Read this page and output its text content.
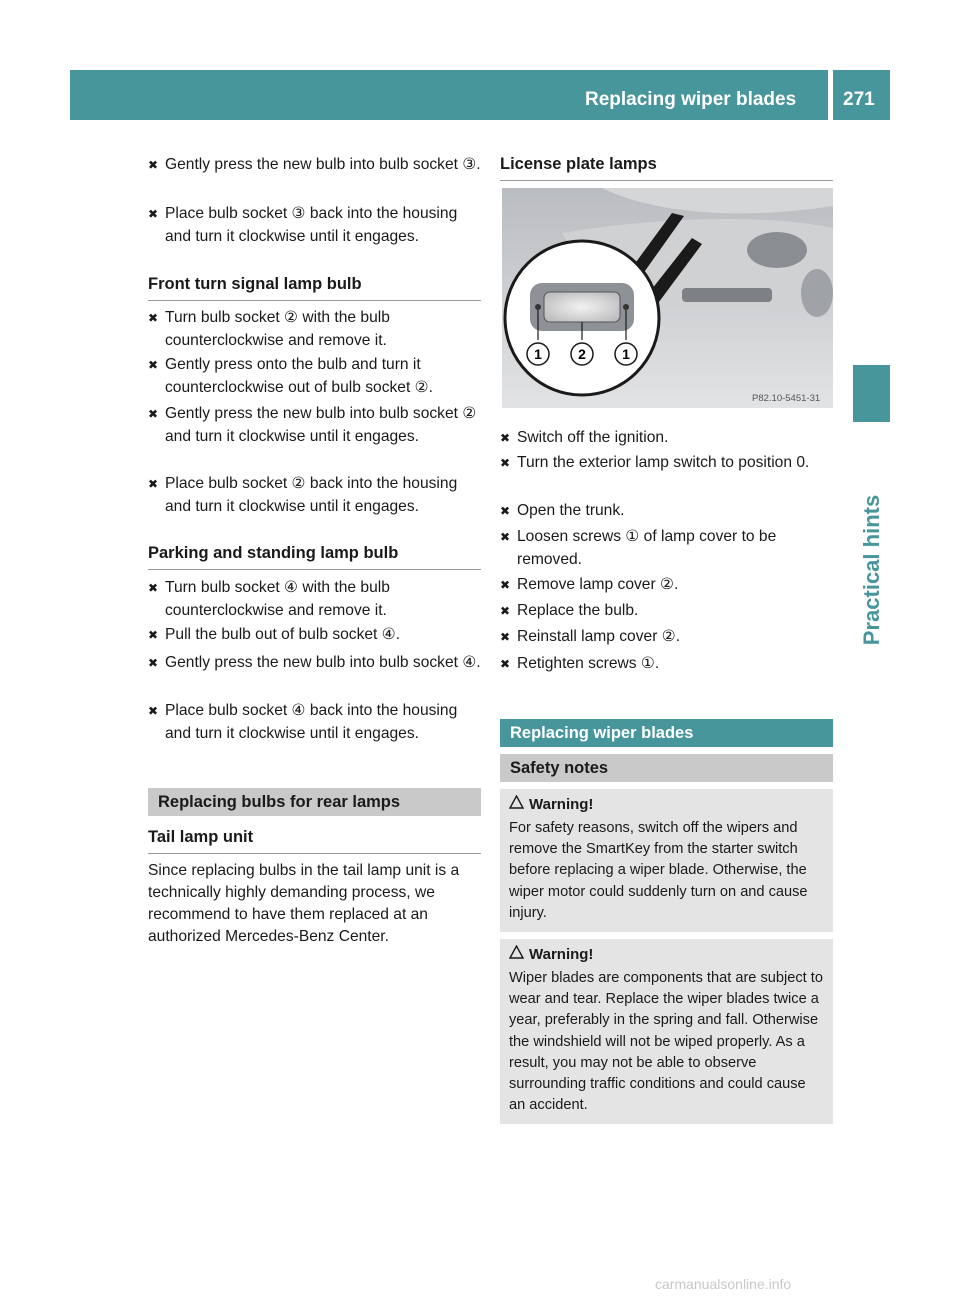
Replacing wiper blades 271
Practical hints
✖ Gently press the new bulb into bulb socket ③.
✖ Place bulb socket ③ back into the housing and turn it clockwise until it engages.
Front turn signal lamp bulb
✖ Turn bulb socket ② with the bulb counterclockwise and remove it.
✖ Gently press onto the bulb and turn it counterclockwise out of bulb socket ②.
✖ Gently press the new bulb into bulb socket ② and turn it clockwise until it engages.
✖ Place bulb socket ② back into the housing and turn it clockwise until it engages.
Parking and standing lamp bulb
✖ Turn bulb socket ④ with the bulb counterclockwise and remove it.
✖ Pull the bulb out of bulb socket ④.
✖ Gently press the new bulb into bulb socket ④.
✖ Place bulb socket ④ back into the housing and turn it clockwise until it engages.
Replacing bulbs for rear lamps
Tail lamp unit
Since replacing bulbs in the tail lamp unit is a technically highly demanding process, we recommend to have them replaced at an authorized Mercedes-Benz Center.
License plate lamps
1	2	1
P82.10-5451-31
✖ Switch off the ignition.
✖ Turn the exterior lamp switch to position 0.
✖ Open the trunk.
✖ Loosen screws ① of lamp cover to be removed.
✖ Remove lamp cover ②.
✖ Replace the bulb.
✖ Reinstall lamp cover ②.
✖ Retighten screws ①.
Replacing wiper blades
Safety notes
Warning!
For safety reasons, switch off the wipers and remove the SmartKey from the starter switch before replacing a wiper blade. Otherwise, the wiper motor could suddenly turn on and cause injury.
Warning!
Wiper blades are components that are subject to wear and tear. Replace the wiper blades twice a year, preferably in the spring and fall. Otherwise the windshield will not be wiped properly. As a result, you may not be able to observe surrounding traffic conditions and could cause an accident.
carmanualsonline.info
